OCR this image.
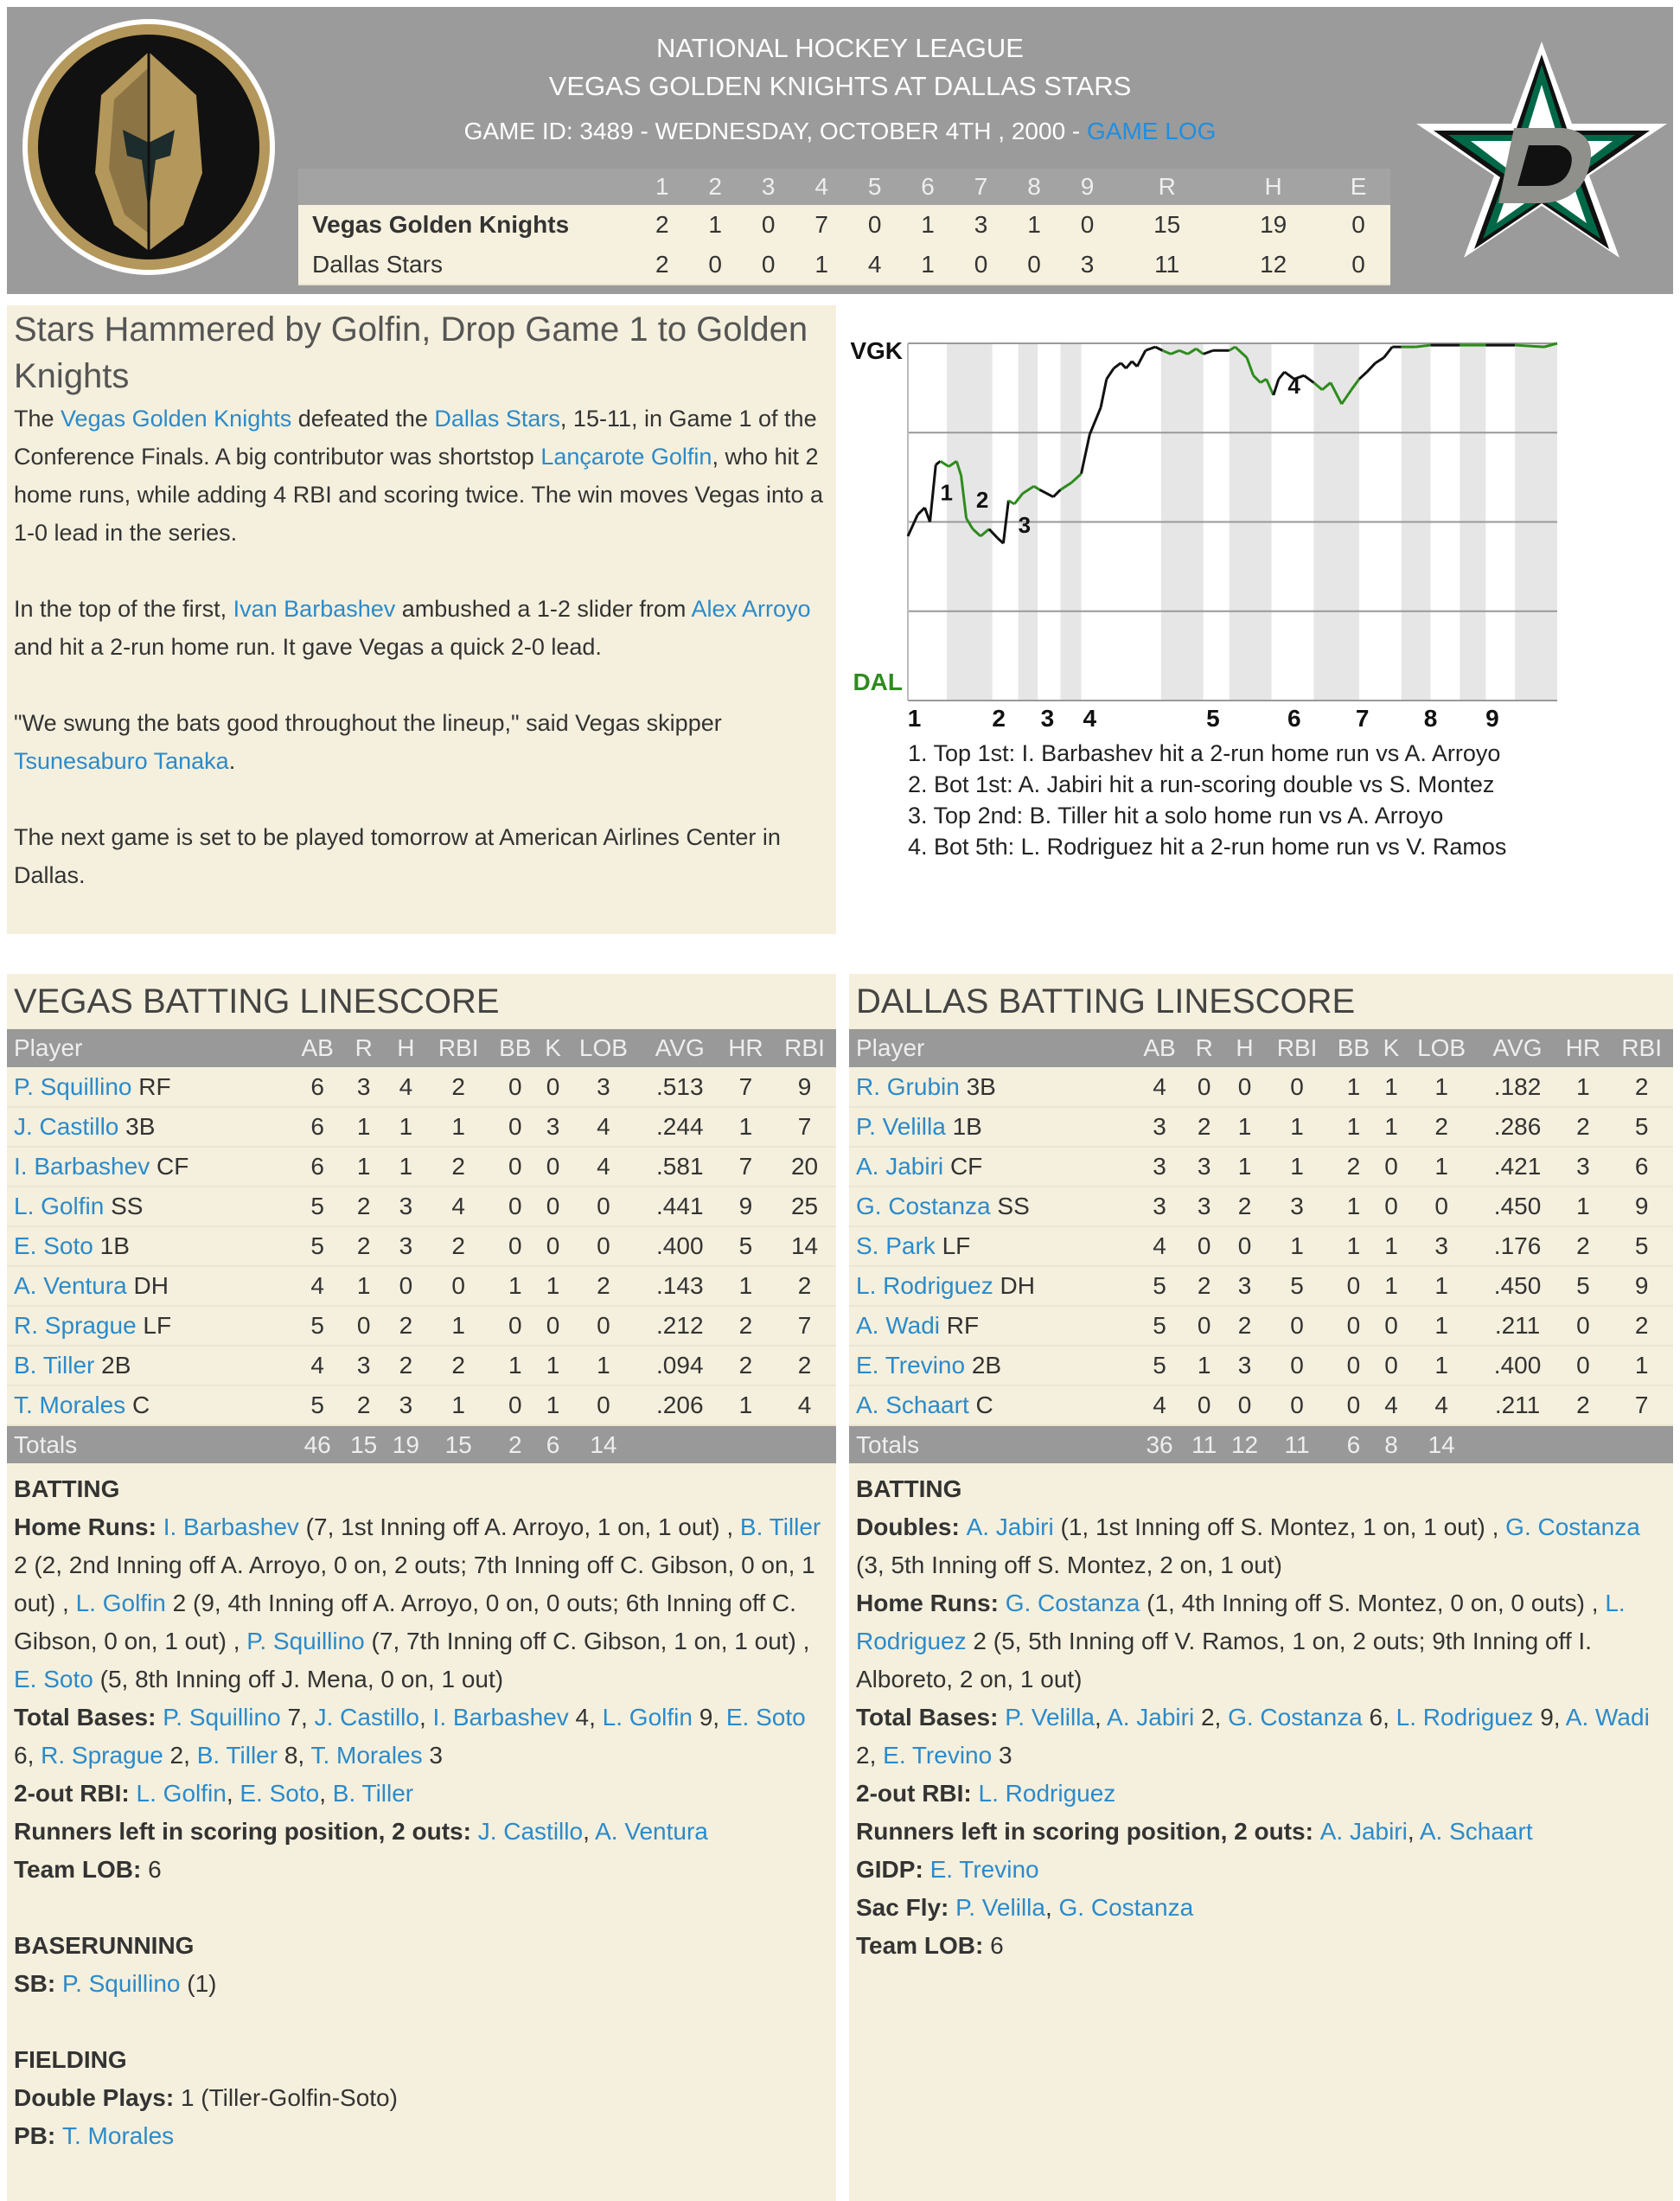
NATIONAL HOCKEY LEAGUE
VEGAS GOLDEN KNIGHTS AT DALLAS STARS
GAME ID: 3489 - WEDNESDAY, OCTOBER 4TH , 2000 - GAME LOG
	1	2	3	4	5	6	7	8	9	R	H	E
Vegas Golden Knights	2	1	0	7	0	1	3	1	0	15	19	0
Dallas Stars	2	0	0	1	4	1	0	0	3	11	12	0
Stars Hammered by Golfin, Drop Game 1 to Golden Knights
The Vegas Golden Knights defeated the Dallas Stars, 15-11, in Game 1 of the Conference Finals. A big contributor was shortstop Lançarote Golfin, who hit 2 home runs, while adding 4 RBI and scoring twice. The win moves Vegas into a 1-0 lead in the series.
In the top of the first, Ivan Barbashev ambushed a 1-2 slider from Alex Arroyo and hit a 2-run home run. It gave Vegas a quick 2-0 lead.
"We swung the bats good throughout the lineup," said Vegas skipper Tsunesaburo Tanaka.
The next game is set to be played tomorrow at American Airlines Center in Dallas.
VGK
DAL
1 2
3
4
1	2 3 4	5	6 7 8 9
1. Top 1st: I. Barbashev hit a 2-run home run vs A. Arroyo
2. Bot 1st: A. Jabiri hit a run-scoring double vs S. Montez
3. Top 2nd: B. Tiller hit a solo home run vs A. Arroyo
4. Bot 5th: L. Rodriguez hit a 2-run home run vs V. Ramos
VEGAS BATTING LINESCORE
Player	AB	R	H	RBI	BB	K	LOB	AVG	HR	RBI
P. Squillino RF	6	3	4	2	0	0	3	.513	7	9
J. Castillo 3B	6	1	1	1	0	3	4	.244	1	7
I. Barbashev CF	6	1	1	2	0	0	4	.581	7	20
L. Golfin SS	5	2	3	4	0	0	0	.441	9	25
E. Soto 1B	5	2	3	2	0	0	0	.400	5	14
A. Ventura DH	4	1	0	0	1	1	2	.143	1	2
R. Sprague LF	5	0	2	1	0	0	0	.212	2	7
B. Tiller 2B	4	3	2	2	1	1	1	.094	2	2
T. Morales C	5	2	3	1	0	1	0	.206	1	4
Totals	46	15	19	15	2	6	14			
BATTING
Home Runs: I. Barbashev (7, 1st Inning off A. Arroyo, 1 on, 1 out) , B. Tiller 2 (2, 2nd Inning off A. Arroyo, 0 on, 2 outs; 7th Inning off C. Gibson, 0 on, 1 out) , L. Golfin 2 (9, 4th Inning off A. Arroyo, 0 on, 0 outs; 6th Inning off C. Gibson, 0 on, 1 out) , P. Squillino (7, 7th Inning off C. Gibson, 1 on, 1 out) , E. Soto (5, 8th Inning off J. Mena, 0 on, 1 out)
Total Bases: P. Squillino 7, J. Castillo, I. Barbashev 4, L. Golfin 9, E. Soto 6, R. Sprague 2, B. Tiller 8, T. Morales 3
2-out RBI: L. Golfin, E. Soto, B. Tiller
Runners left in scoring position, 2 outs: J. Castillo, A. Ventura
Team LOB: 6
BASERUNNING
SB: P. Squillino (1)
FIELDING
Double Plays: 1 (Tiller-Golfin-Soto)
PB: T. Morales
DALLAS BATTING LINESCORE
Player	AB	R	H	RBI	BB	K	LOB	AVG	HR	RBI
R. Grubin 3B	4	0	0	0	1	1	1	.182	1	2
P. Velilla 1B	3	2	1	1	1	1	2	.286	2	5
A. Jabiri CF	3	3	1	1	2	0	1	.421	3	6
G. Costanza SS	3	3	2	3	1	0	0	.450	1	9
S. Park LF	4	0	0	1	1	1	3	.176	2	5
L. Rodriguez DH	5	2	3	5	0	1	1	.450	5	9
A. Wadi RF	5	0	2	0	0	0	1	.211	0	2
E. Trevino 2B	5	1	3	0	0	0	1	.400	0	1
A. Schaart C	4	0	0	0	0	4	4	.211	2	7
Totals	36	11	12	11	6	8	14			
BATTING
Doubles: A. Jabiri (1, 1st Inning off S. Montez, 1 on, 1 out) , G. Costanza (3, 5th Inning off S. Montez, 2 on, 1 out)
Home Runs: G. Costanza (1, 4th Inning off S. Montez, 0 on, 0 outs) , L. Rodriguez 2 (5, 5th Inning off V. Ramos, 1 on, 2 outs; 9th Inning off I. Alboreto, 2 on, 1 out)
Total Bases: P. Velilla, A. Jabiri 2, G. Costanza 6, L. Rodriguez 9, A. Wadi 2, E. Trevino 3
2-out RBI: L. Rodriguez
Runners left in scoring position, 2 outs: A. Jabiri, A. Schaart
GIDP: E. Trevino
Sac Fly: P. Velilla, G. Costanza
Team LOB: 6
